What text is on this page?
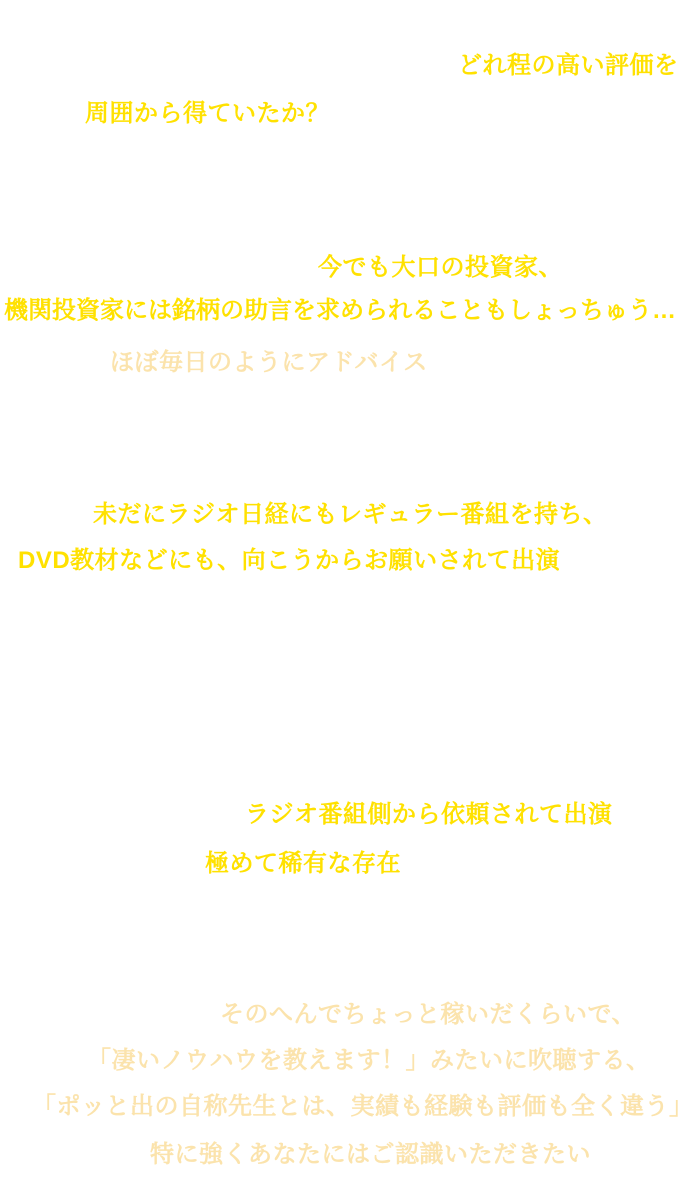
どれ程の高い評価を
周囲から得ていたか？
今でも大口の投資家、
機関投資家には銘柄の助言を求められることもしょっちゅう…
ほぼ毎日のようにアドバイス
未だにラジオ日経にもレギュラー番組を持ち、
DVD教材などにも、向こうからお願いされて出演
ラジオ番組側から依頼されて出演
極めて稀有な存在
そのへんでちょっと稼いだくらいで、
「凄いノウハウを教えます！」みたいに吹聴する、
「ポッと出の自称先生とは、実績も経験も評価も全く違う」
特に強くあなたにはご認識いただきたい
